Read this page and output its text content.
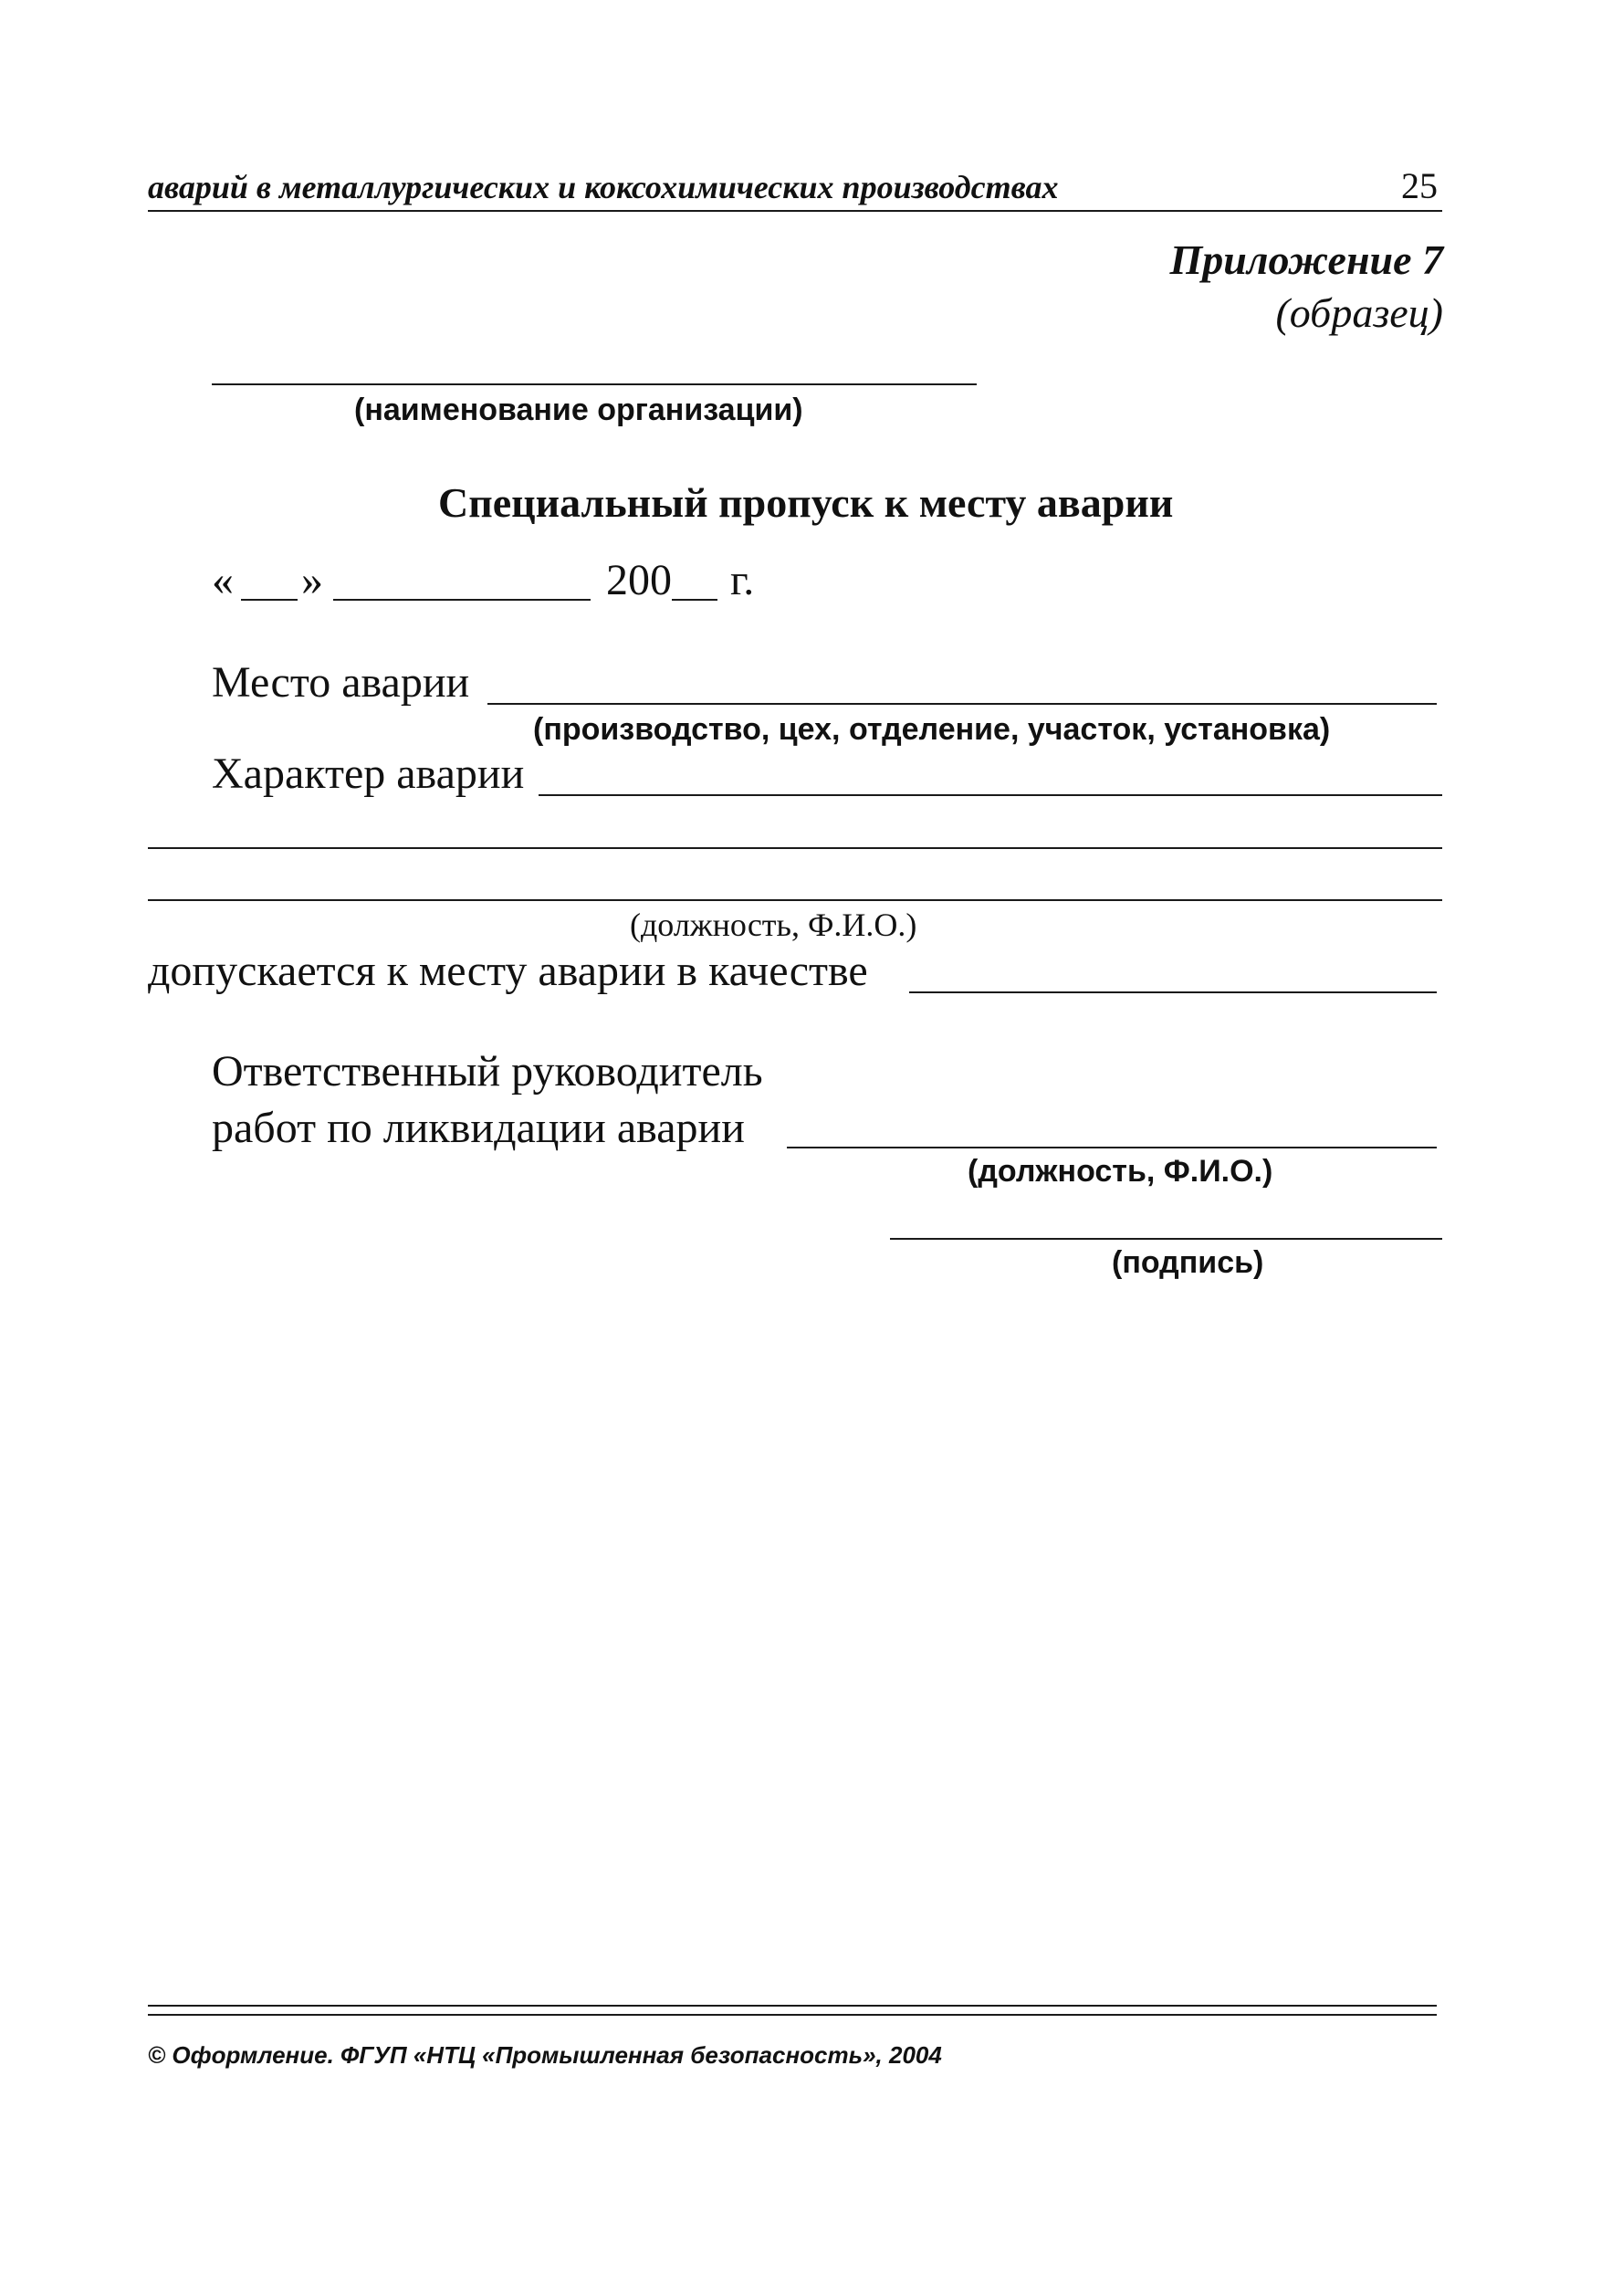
аварий в металлургических и коксохимических производствах	25
Приложение 7
(образец)
(наименование организации)
Специальный пропуск к месту аварии
« »	200 г.
Место аварии
(производство, цех, отделение, участок, установка)
Характер аварии
(должность, Ф.И.О.)
допускается к месту аварии в качестве
Ответственный руководитель
работ по ликвидации аварии
(должность, Ф.И.О.)
(подпись)
© Оформление. ФГУП «НТЦ «Промышленная безопасность», 2004
